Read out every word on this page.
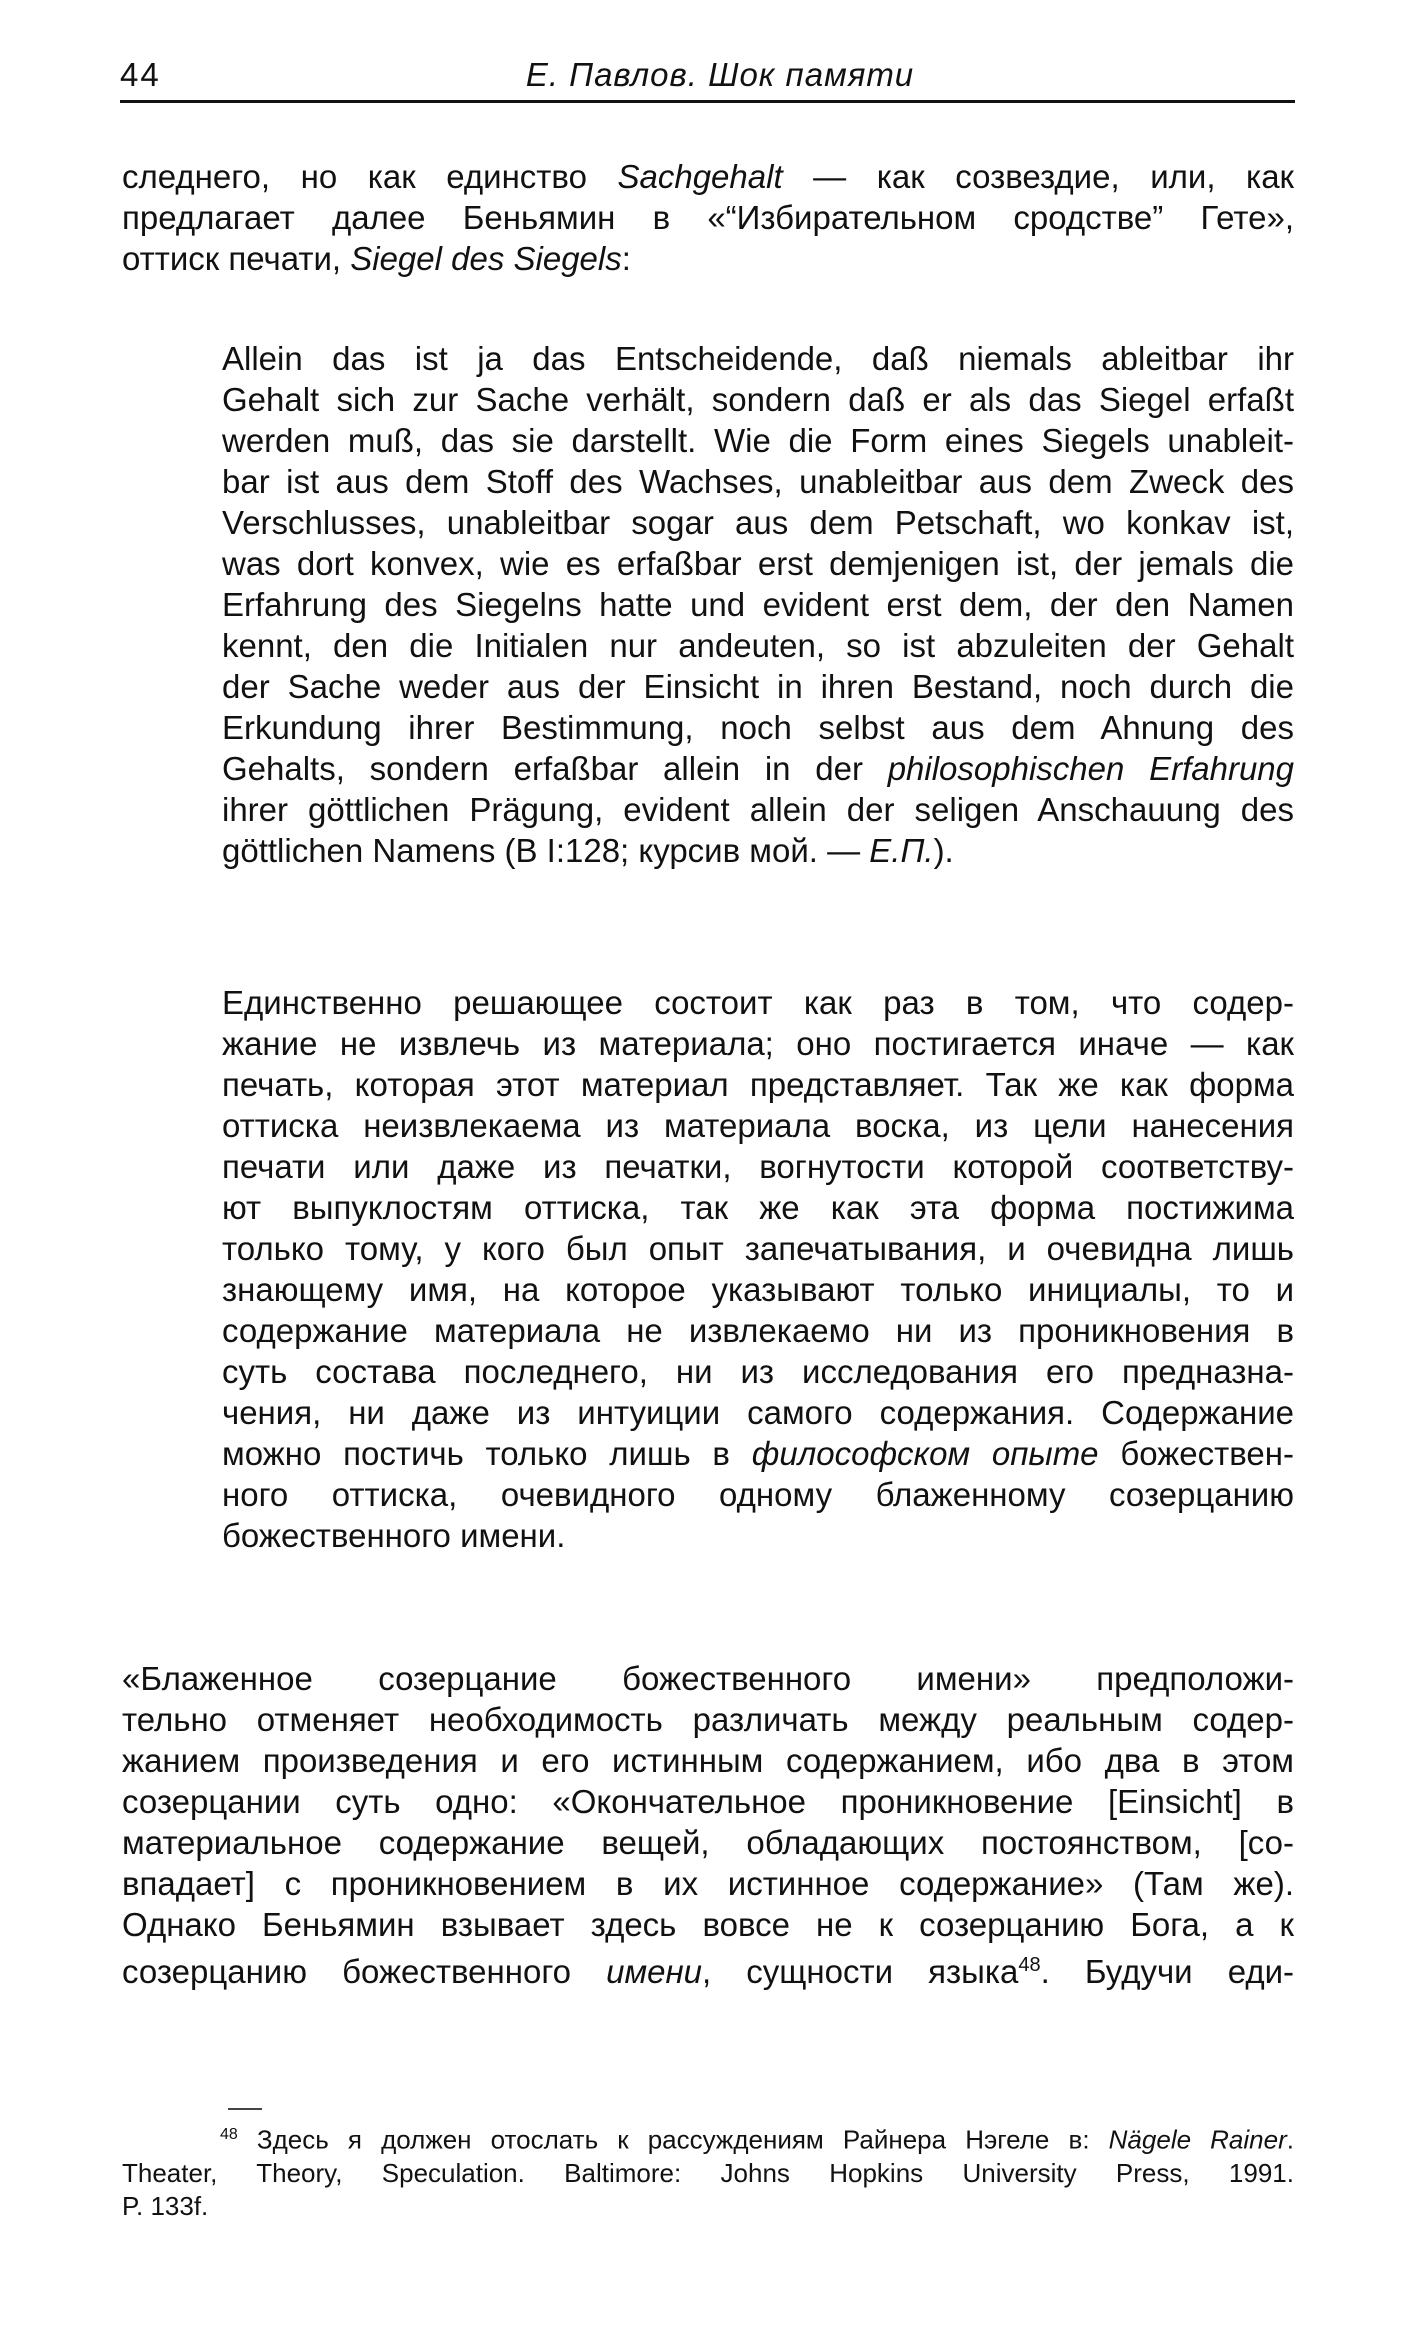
44	Е. Павлов. Шок памяти
следнего, но как единство Sachgehalt — как созвездие, или, как
предлагает далее Беньямин в «“Избирательном сродстве” Гете»,
оттиск печати, Siegel des Siegels:
Allein das ist ja das Entscheidende, daß niemals ableitbar ihr
Gehalt sich zur Sache verhält, sondern daß er als das Siegel erfaßt
werden muß, das sie darstellt. Wie die Form eines Siegels unableit-
bar ist aus dem Stoff des Wachses, unableitbar aus dem Zweck des
Verschlusses, unableitbar sogar aus dem Petschaft, wo konkav ist,
was dort konvex, wie es erfaßbar erst demjenigen ist, der jemals die
Erfahrung des Siegelns hatte und evident erst dem, der den Namen
kennt, den die Initialen nur andeuten, so ist abzuleiten der Gehalt
der Sache weder aus der Einsicht in ihren Bestand, noch durch die
Erkundung ihrer Bestimmung, noch selbst aus dem Ahnung des
Gehalts, sondern erfaßbar allein in der philosophischen Erfahrung
ihrer göttlichen Prägung, evident allein der seligen Anschauung des
göttlichen Namens (B I:128; курсив мой. — Е.П.).
Единственно решающее состоит как раз в том, что содер-
жание не извлечь из материала; оно постигается иначе — как
печать, которая этот материал представляет. Так же как форма
оттиска неизвлекаема из материала воска, из цели нанесения
печати или даже из печатки, вогнутости которой соответству-
ют выпуклостям оттиска, так же как эта форма постижима
только тому, у кого был опыт запечатывания, и очевидна лишь
знающему имя, на которое указывают только инициалы, то и
содержание материала не извлекаемо ни из проникновения в
суть состава последнего, ни из исследования его предназна-
чения, ни даже из интуиции самого содержания. Содержание
можно постичь только лишь в философском опыте божествен-
ного оттиска, очевидного одному блаженному созерцанию
божественного имени.
«Блаженное созерцание божественного имени» предположи-
тельно отменяет необходимость различать между реальным содер-
жанием произведения и его истинным содержанием, ибо два в этом
созерцании суть одно: «Окончательное проникновение [Einsicht] в
материальное содержание вещей, обладающих постоянством, [со-
впадает] с проникновением в их истинное содержание» (Там же).
Однако Беньямин взывает здесь вовсе не к созерцанию Бога, а к
созерцанию божественного имени, сущности языка$^{48}$. Будучи еди-
$^{48}$ Здесь я должен отослать к рассуждениям Райнера Нэгеле в: Nägele Rainer.
Theater, Theory, Speculation. Baltimore: Johns Hopkins University Press, 1991.
P. 133f.
